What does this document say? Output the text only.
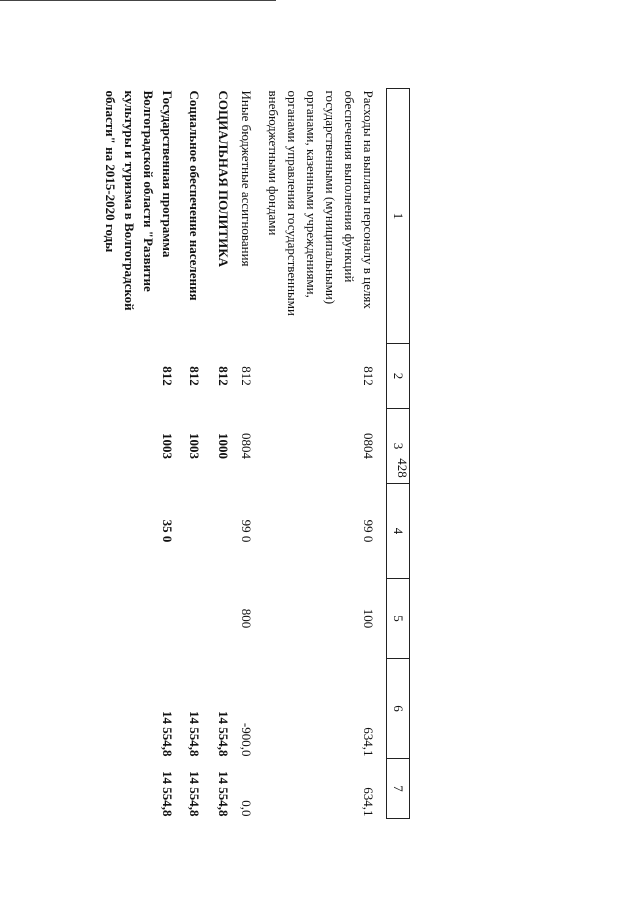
428
1	2	3	4	5	6	7
Расходы на выплаты персоналу в целях обеспечения выполнения функций государственными (муниципальными) органами, казенными учреждениями, органами управления государственными внебюджетными фондами	812	0804	99 0	100	634,1	634,1
Иные бюджетные ассигнования	812	0804	99 0	800	-900,0	0,0
СОЦИАЛЬНАЯ ПОЛИТИКА	812	1000			14 554,8	14 554,8
Социальное обеспечение населения	812	1003			14 554,8	14 554,8
Государственная программа Волгоградской области "Развитие культуры и туризма в Волгоградской области" на 2015-2020 годы	812	1003	35 0		14 554,8	14 554,8
